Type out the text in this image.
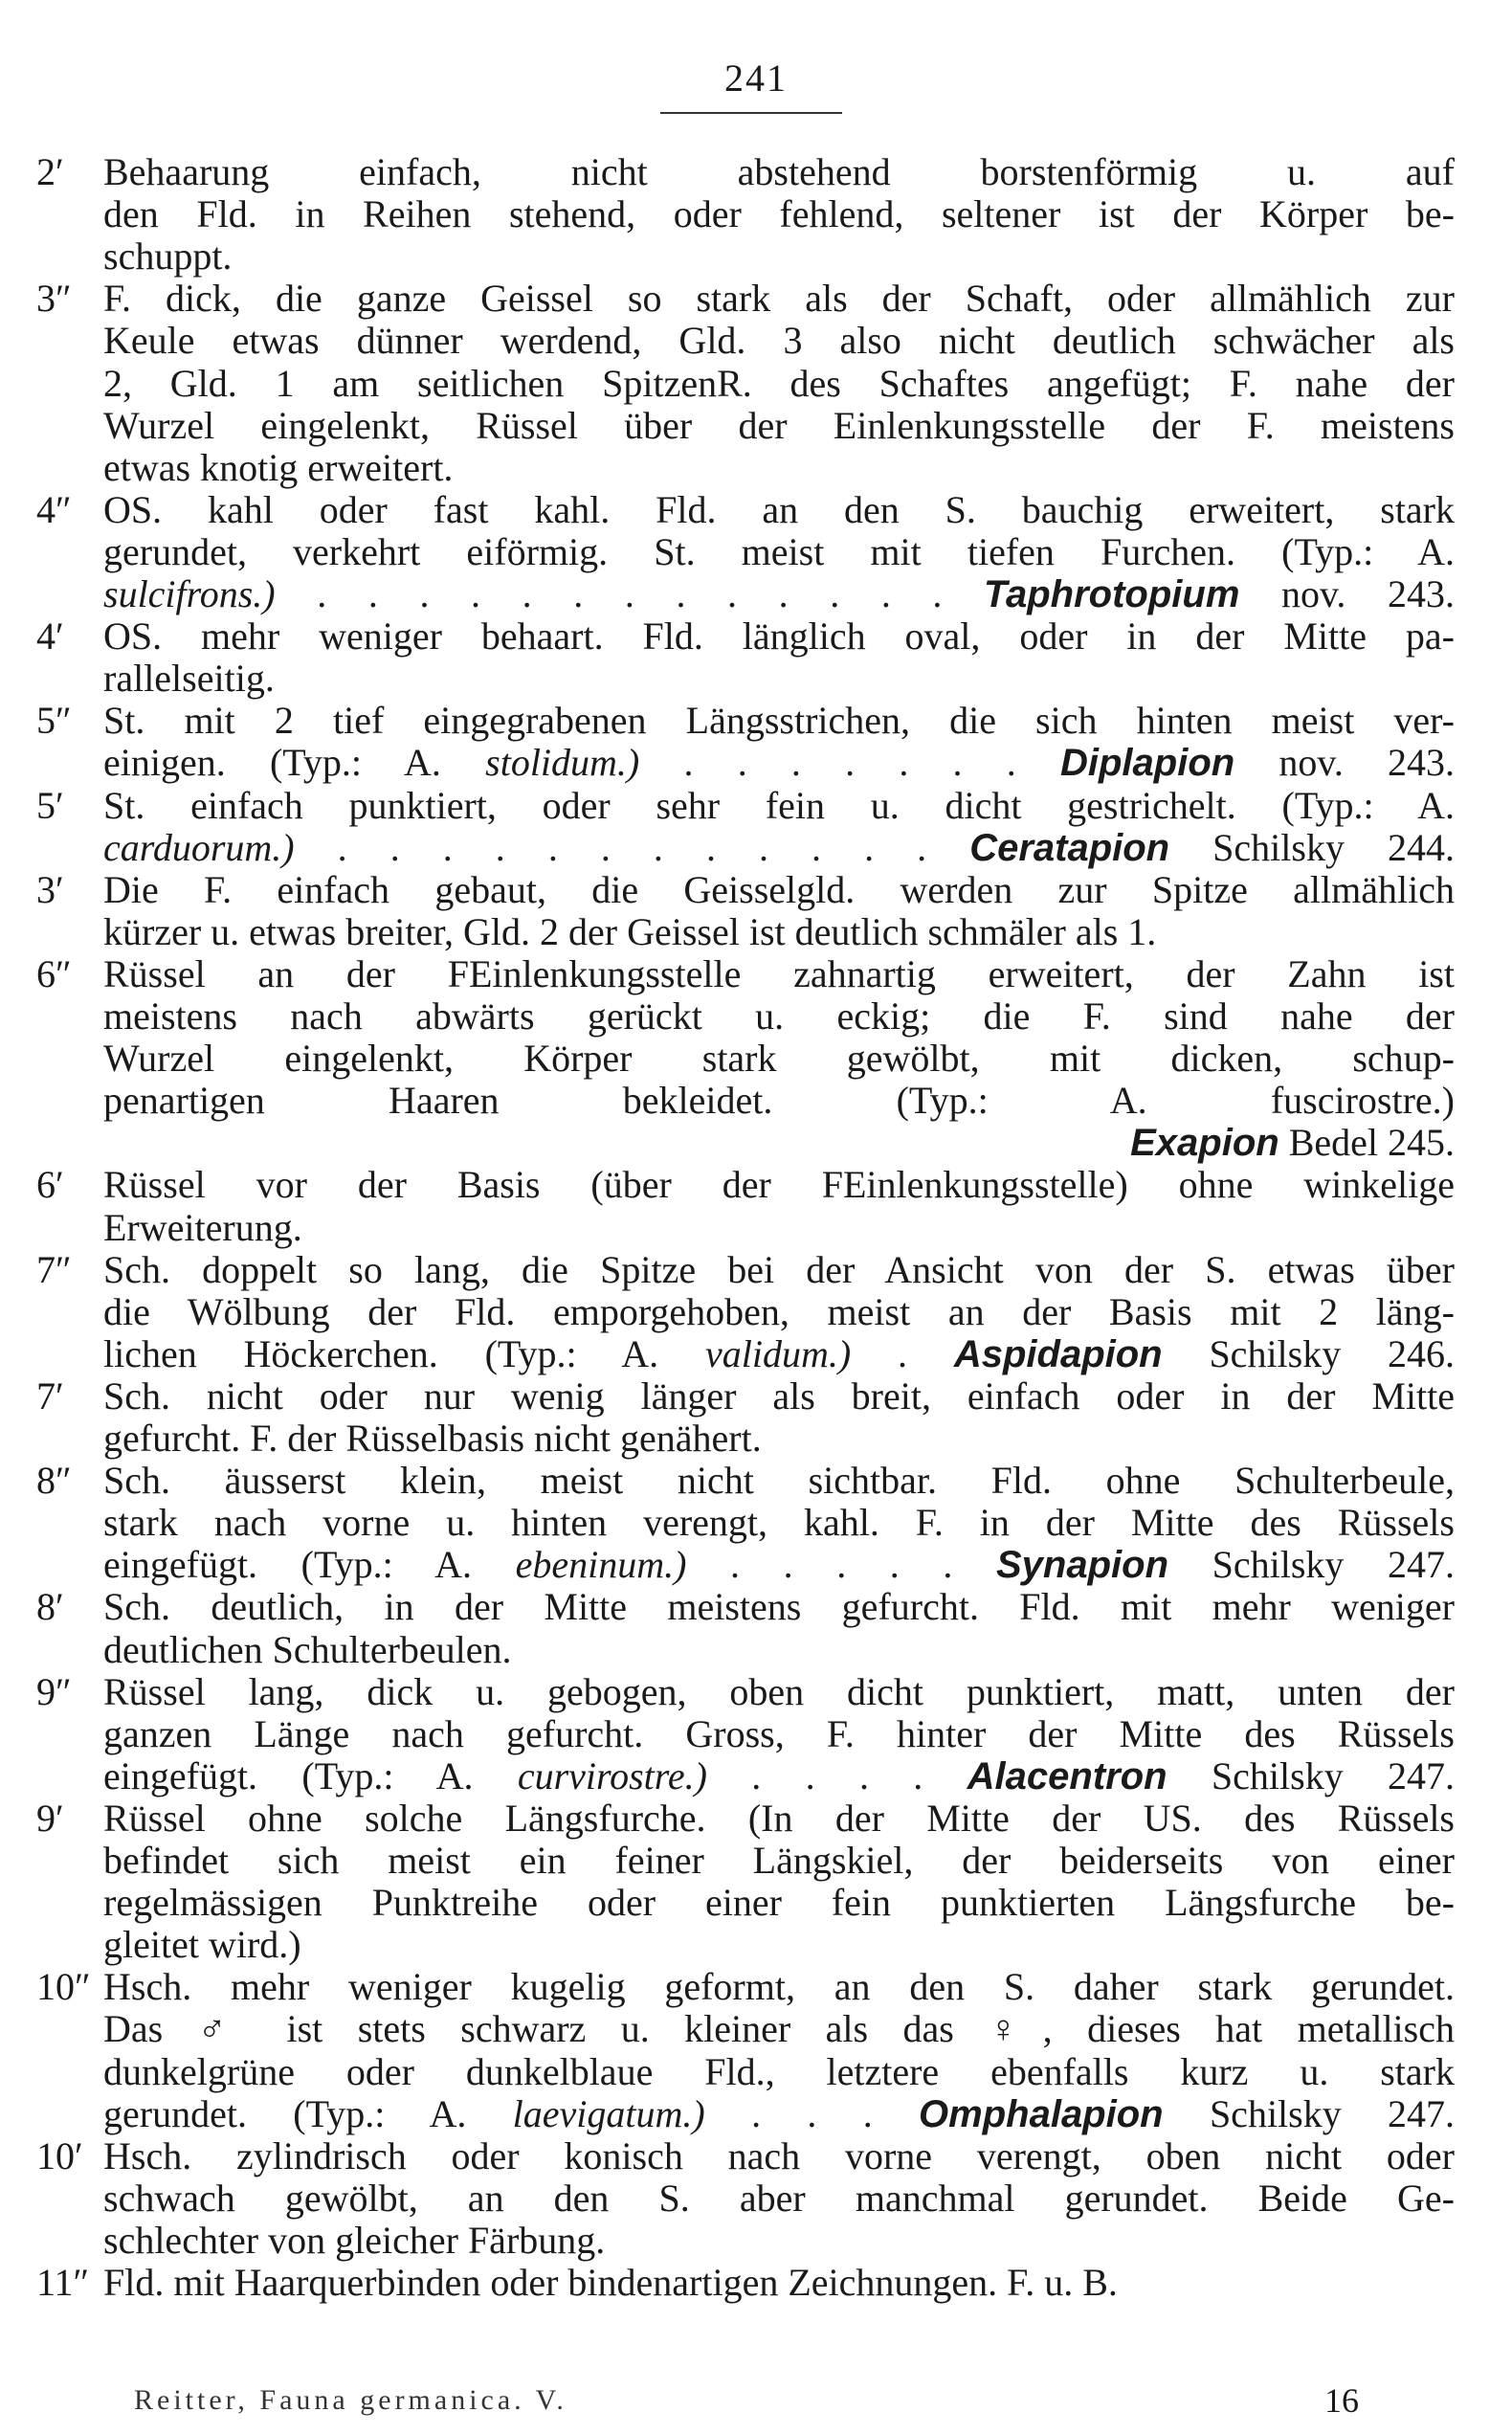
241
2′	Behaarung einfach, nicht abstehend borstenförmig u. auf
den Fld. in Reihen stehend, oder fehlend, seltener ist der Körper be-
schuppt.
3″ F. dick, die ganze Geissel so stark als der Schaft, oder allmählich zur
Keule etwas dünner werdend, Gld. 3 also nicht deutlich schwächer als
2, Gld. 1 am seitlichen SpitzenR. des Schaftes angefügt; F. nahe der
Wurzel eingelenkt, Rüssel über der Einlenkungsstelle der F. meistens
etwas knotig erweitert.
4″ OS. kahl oder fast kahl. Fld. an den S. bauchig erweitert, stark
gerundet, verkehrt eiförmig. St. meist mit tiefen Furchen. (Typ.: A.
sulcifrons.) . . . . . . . . . . . . . Taphrotopium nov. 243.
4′	OS. mehr weniger behaart. Fld. länglich oval, oder in der Mitte pa-
rallelseitig.
5″ St. mit 2 tief eingegrabenen Längsstrichen, die sich hinten meist ver-
einigen. (Typ.: A. stolidum.) . . . . . . . Diplapion nov. 243.
5′	St. einfach punktiert, oder sehr fein u. dicht gestrichelt. (Typ.: A.
carduorum.) . . . . . . . . . . . . Ceratapion Schilsky 244.
3′	Die F. einfach gebaut, die Geisselgld. werden zur Spitze allmählich
kürzer u. etwas breiter, Gld. 2 der Geissel ist deutlich schmäler als 1.
6″ Rüssel an der FEinlenkungsstelle zahnartig erweitert, der Zahn ist
meistens nach abwärts gerückt u. eckig; die F. sind nahe der
Wurzel eingelenkt, Körper stark gewölbt, mit dicken, schup-
penartigen Haaren bekleidet. (Typ.: A. fuscirostre.)
Exapion Bedel 245.
6′	Rüssel vor der Basis (über der FEinlenkungsstelle) ohne winkelige
Erweiterung.
7″ Sch. doppelt so lang, die Spitze bei der Ansicht von der S. etwas über
die Wölbung der Fld. emporgehoben, meist an der Basis mit 2 läng-
lichen Höckerchen. (Typ.: A. validum.) . Aspidapion Schilsky 246.
7′	Sch. nicht oder nur wenig länger als breit, einfach oder in der Mitte
gefurcht. F. der Rüsselbasis nicht genähert.
8″ Sch. äusserst klein, meist nicht sichtbar. Fld. ohne Schulterbeule,
stark nach vorne u. hinten verengt, kahl. F. in der Mitte des Rüssels
eingefügt. (Typ.: A. ebeninum.) . . . . . Synapion Schilsky 247.
8′	Sch. deutlich, in der Mitte meistens gefurcht. Fld. mit mehr weniger
deutlichen Schulterbeulen.
9″ Rüssel lang, dick u. gebogen, oben dicht punktiert, matt, unten der
ganzen Länge nach gefurcht. Gross, F. hinter der Mitte des Rüssels
eingefügt. (Typ.: A. curvirostre.) . . . . Alacentron Schilsky 247.
9′	Rüssel ohne solche Längsfurche. (In der Mitte der US. des Rüssels
befindet sich meist ein feiner Längskiel, der beiderseits von einer
regelmässigen Punktreihe oder einer fein punktierten Längsfurche be-
gleitet wird.)
10″ Hsch. mehr weniger kugelig geformt, an den S. daher stark gerundet.
Das ♂ ist stets schwarz u. kleiner als das ♀, dieses hat metallisch
dunkelgrüne oder dunkelblaue Fld., letztere ebenfalls kurz u. stark
gerundet. (Typ.: A. laevigatum.) . . . Omphalapion Schilsky 247.
10′ Hsch. zylindrisch oder konisch nach vorne verengt, oben nicht oder
schwach gewölbt, an den S. aber manchmal gerundet. Beide Ge-
schlechter von gleicher Färbung.
11″ Fld. mit Haarquerbinden oder bindenartigen Zeichnungen. F. u. B.
Reitter, Fauna germanica. V.	16
